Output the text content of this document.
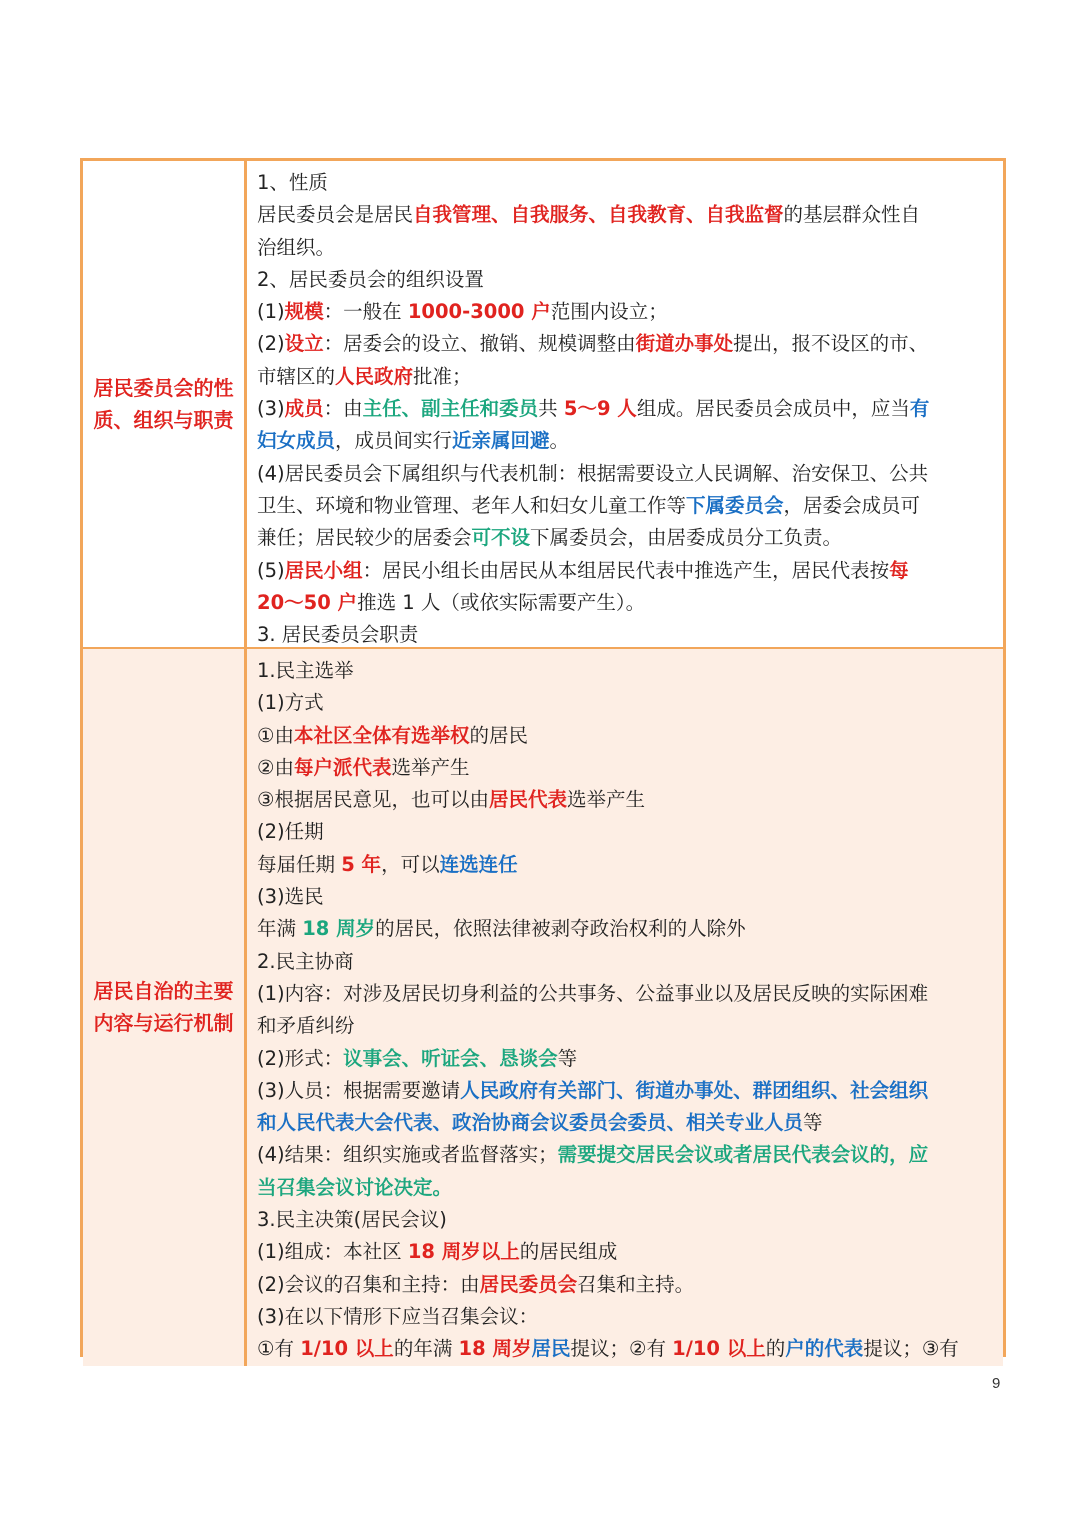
居民委员会的性质、组织与职责
1、性质
居民委员会是居民自我管理、自我服务、自我教育、自我监督的基层群众性自
治组织。
2、居民委员会的组织设置
(1)规模：一般在 1000-3000 户范围内设立；
(2)设立：居委会的设立、撤销、规模调整由街道办事处提出，报不设区的市、
市辖区的人民政府批准；
(3)成员：由主任、副主任和委员共 5～9 人组成。居民委员会成员中，应当有
妇女成员，成员间实行近亲属回避。
(4)居民委员会下属组织与代表机制：根据需要设立人民调解、治安保卫、公共
卫生、环境和物业管理、老年人和妇女儿童工作等下属委员会，居委会成员可
兼任；居民较少的居委会可不设下属委员会，由居委成员分工负责。
(5)居民小组：居民小组长由居民从本组居民代表中推选产生，居民代表按每
20～50 户推选 1 人（或依实际需要产生）。
3. 居民委员会职责
居民自治的主要内容与运行机制
1.民主选举
(1)方式
①由本社区全体有选举权的居民
②由每户派代表选举产生
③根据居民意见，也可以由居民代表选举产生
(2)任期
每届任期 5 年，可以连选连任
(3)选民
年满 18 周岁的居民，依照法律被剥夺政治权利的人除外
2.民主协商
(1)内容：对涉及居民切身利益的公共事务、公益事业以及居民反映的实际困难
和矛盾纠纷
(2)形式：议事会、听证会、恳谈会等
(3)人员：根据需要邀请人民政府有关部门、街道办事处、群团组织、社会组织
和人民代表大会代表、政治协商会议委员会委员、相关专业人员等
(4)结果：组织实施或者监督落实；需要提交居民会议或者居民代表会议的，应
当召集会议讨论决定。
3.民主决策(居民会议)
(1)组成：本社区 18 周岁以上的居民组成
(2)会议的召集和主持：由居民委员会召集和主持。
(3)在以下情形下应当召集会议：
①有 1/10 以上的年满 18 周岁居民提议；②有 1/10 以上的户的代表提议；③有
9
